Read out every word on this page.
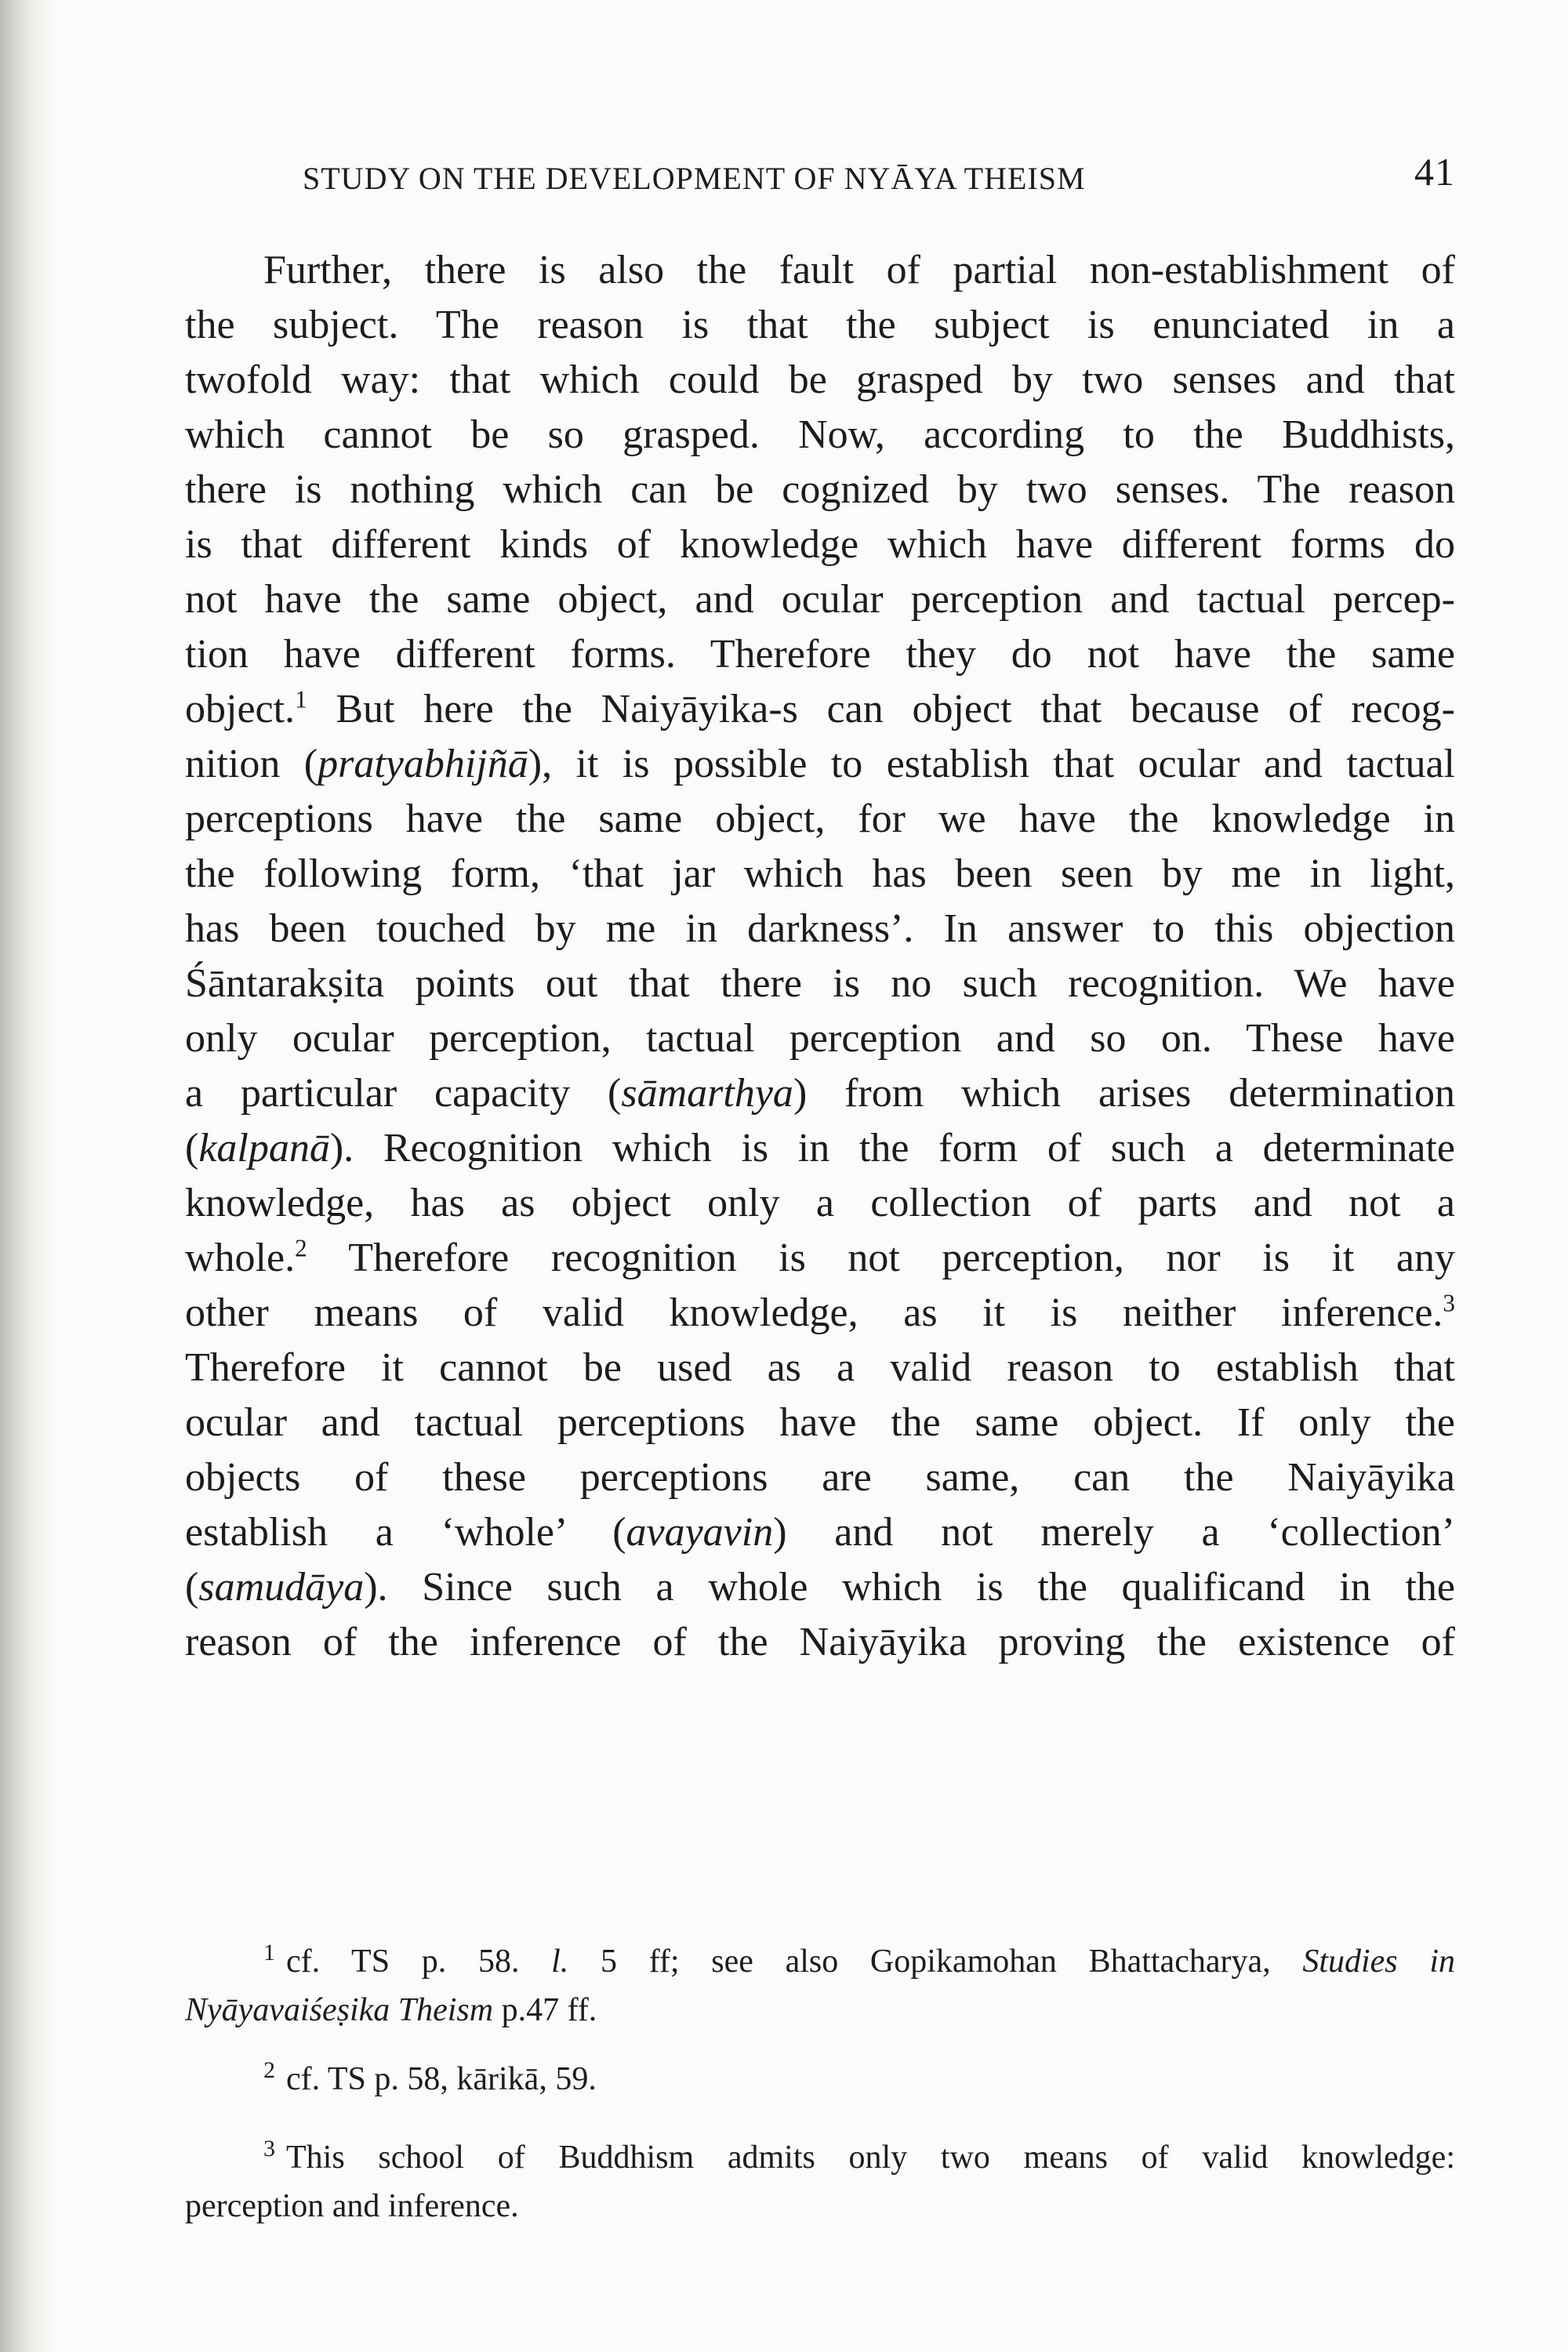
STUDY ON THE DEVELOPMENT OF NYĀYA THEISM	41
Further, there is also the fault of partial non-establishment of
the subject. The reason is that the subject is enunciated in a
twofold way: that which could be grasped by two senses and that
which cannot be so grasped. Now, according to the Buddhists,
there is nothing which can be cognized by two senses. The reason
is that different kinds of knowledge which have different forms do
not have the same object, and ocular perception and tactual percep-
tion have different forms. Therefore they do not have the same
object.$^1$ But here the Naiyāyika-s can object that because of recog-
nition (pratyabhijñā), it is possible to establish that ocular and tactual
perceptions have the same object, for we have the knowledge in
the following form, ‘that jar which has been seen by me in light,
has been touched by me in darkness’. In answer to this objection
Śāntarakṣita points out that there is no such recognition. We have
only ocular perception, tactual perception and so on. These have
a particular capacity (sāmarthya) from which arises determination
(kalpanā). Recognition which is in the form of such a determinate
knowledge, has as object only a collection of parts and not a
whole.$^2$ Therefore recognition is not perception, nor is it any
other means of valid knowledge, as it is neither inference.$^3$
Therefore it cannot be used as a valid reason to establish that
ocular and tactual perceptions have the same object. If only the
objects of these perceptions are same, can the Naiyāyika
establish a ‘whole’ (avayavin) and not merely a ‘collection’
(samudāya). Since such a whole which is the qualificand in the
reason of the inference of the Naiyāyika proving the existence of
$^1$ cf. TS p. 58. l. 5 ff; see also Gopikamohan Bhattacharya, Studies in
Nyāyavaiśeṣika Theism p.47 ff.
$^2$ cf. TS p. 58, kārikā, 59.
$^3$ This school of Buddhism admits only two means of valid knowledge:
perception and inference.
